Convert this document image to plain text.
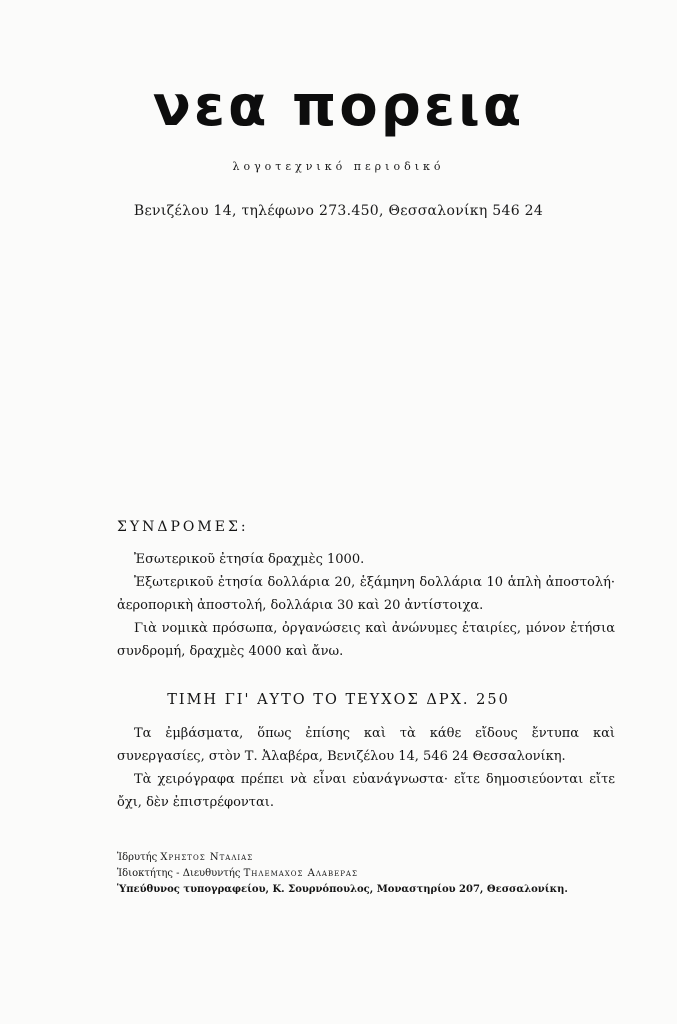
νεα πορεια
λογοτεχνικό περιοδικό
Βενιζέλου 14, τηλέφωνο 273.450, Θεσσαλονίκη 546 24
ΣΥΝΔΡΟΜΕΣ:

Ἐσωτερικοῦ ἐτησία δραχμὲς 1000.

Ἐξωτερικοῦ ἐτησία δολλάρια 20, ἑξάμηνη δολλάρια 10 ἁπλὴ ἀποστολή· ἀεροπορικὴ ἀποστολή, δολλάρια 30 καὶ 20 ἀντίστοιχα.

Γιὰ νομικὰ πρόσωπα, ὀργανώσεις καὶ ἀνώνυμες ἑταιρίες, μόνον ἐτήσια συνδρομή, δραχμὲς 4000 καὶ ἄνω.

ΤΙΜΗ ΓΙ' ΑΥΤΟ ΤΟ ΤΕΥΧΟΣ ΔΡΧ. 250

Τα ἐμβάσματα, ὅπως ἐπίσης καὶ τὰ κάθε εἴδους ἔντυπα καὶ συνεργασίες, στὸν Τ. Ἀλαβέρα, Βενιζέλου 14, 546 24 Θεσσαλονίκη.

Τὰ χειρόγραφα πρέπει νὰ εἶναι εὐανάγνωστα· εἴτε δημοσιεύονται εἴτε ὄχι, δὲν ἐπιστρέφονται.

Ἱδρυτής Χρηστος Νταλιας
Ἱδιοκτήτης - Διευθυντής Τηλεμαχος Αλαβερας
Ὑπεύθυνος τυπογραφείου, Κ. Σουρνόπουλος, Μοναστηρίου 207, Θεσσαλονίκη.
